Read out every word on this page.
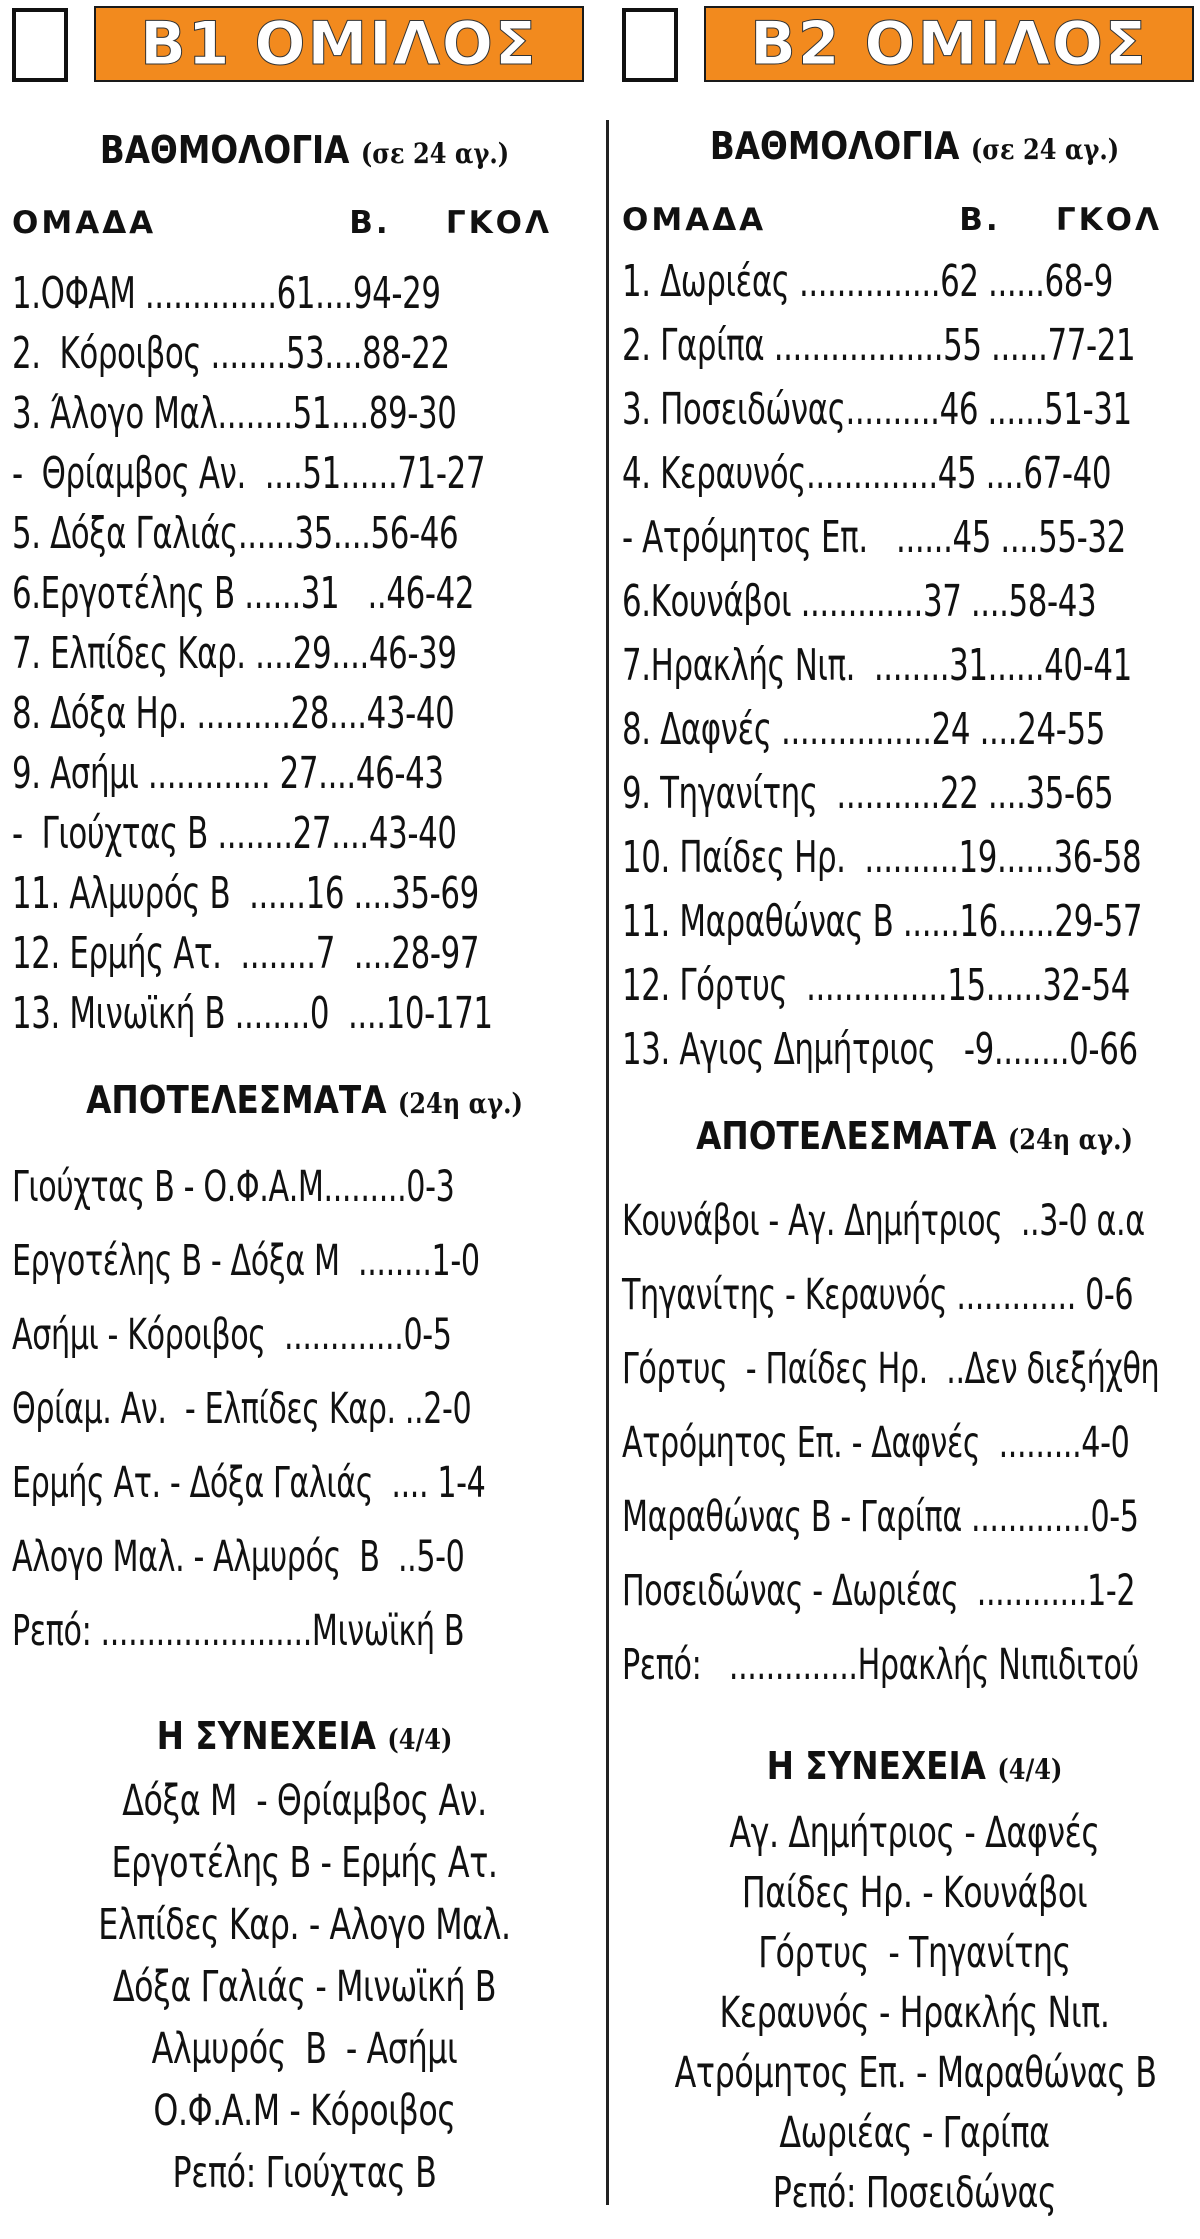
B1 ΟΜΙΛΟΣ
ΒΑΘΜΟΛΟΓΙΑ (σε 24 αγ.)
ΟΜΑΔΑ              Β.    ΓΚΟΛ
1.ΟΦΑΜ ..............61....94-29
2.  Κόροιβος ........53....88-22
3. Άλογο Μαλ........51....89-30
-  Θρίαμβος Αν.  ....51......71-27
5. Δόξα Γαλιάς......35....56-46
6.Εργοτέλης Β ......31   ..46-42
7. Ελπίδες Καρ. ....29....46-39
8. Δόξα Ηρ. ..........28....43-40
9. Ασήμι ............. 27....46-43
-  Γιούχτας Β ........27....43-40
11. Αλμυρός Β  ......16 ....35-69
12. Ερμής Ατ.  ........7  ....28-97
13. Μινωϊκή Β ........0  ....10-171
ΑΠΟΤΕΛΕΣΜΑΤΑ (24η αγ.)
Γιούχτας Β - Ο.Φ.Α.Μ.........0-3
Εργοτέλης Β - Δόξα Μ  ........1-0
Ασήμι - Κόροιβος  .............0-5
Θρίαμ. Αν.  - Ελπίδες Καρ. ..2-0
Ερμής Ατ. - Δόξα Γαλιάς  .... 1-4
Αλογο Μαλ. - Αλμυρός  Β  ..5-0
Ρεπό: .......................Μινωϊκή Β
Η ΣΥΝΕΧΕΙΑ (4/4)
Δόξα Μ  - Θρίαμβος Αν.
Εργοτέλης Β - Ερμής Ατ.
Ελπίδες Καρ. - Αλογο Μαλ.
Δόξα Γαλιάς - Μινωϊκή Β
Αλμυρός  Β  - Ασήμι
Ο.Φ.Α.Μ - Κόροιβος
Ρεπό: Γιούχτας Β
B2 ΟΜΙΛΟΣ
ΒΑΘΜΟΛΟΓΙΑ (σε 24 αγ.)
ΟΜΑΔΑ              Β.    ΓΚΟΛ
1. Δωριέας ...............62 ......68-9
2. Γαρίπα ..................55 ......77-21
3. Ποσειδώνας..........46 ......51-31
4. Κεραυνός..............45 ....67-40
- Ατρόμητος Επ.   ......45 ....55-32
6.Κουνάβοι .............37 ....58-43
7.Ηρακλής Νιπ.  ........31......40-41
8. Δαφνές ................24 ....24-55
9. Τηγανίτης  ...........22 ....35-65
10. Παίδες Ηρ.  ..........19......36-58
11. Μαραθώνας Β ......16......29-57
12. Γόρτυς  ...............15......32-54
13. Αγιος Δημήτριος   -9........0-66
ΑΠΟΤΕΛΕΣΜΑΤΑ (24η αγ.)
Κουνάβοι - Αγ. Δημήτριος  ..3-0 α.α
Τηγανίτης - Κεραυνός ............. 0-6
Γόρτυς  - Παίδες Ηρ.  ..Δεν διεξήχθη
Ατρόμητος Επ. - Δαφνές  .........4-0
Μαραθώνας Β - Γαρίπα .............0-5
Ποσειδώνας - Δωριέας  ............1-2
Ρεπό:   ..............Ηρακλής Νιπιδιτού
Η ΣΥΝΕΧΕΙΑ (4/4)
Αγ. Δημήτριος - Δαφνές
Παίδες Ηρ. - Κουνάβοι
Γόρτυς  - Τηγανίτης
Κεραυνός - Ηρακλής Νιπ.
Ατρόμητος Επ. - Μαραθώνας Β
Δωριέας - Γαρίπα
Ρεπό: Ποσειδώνας
